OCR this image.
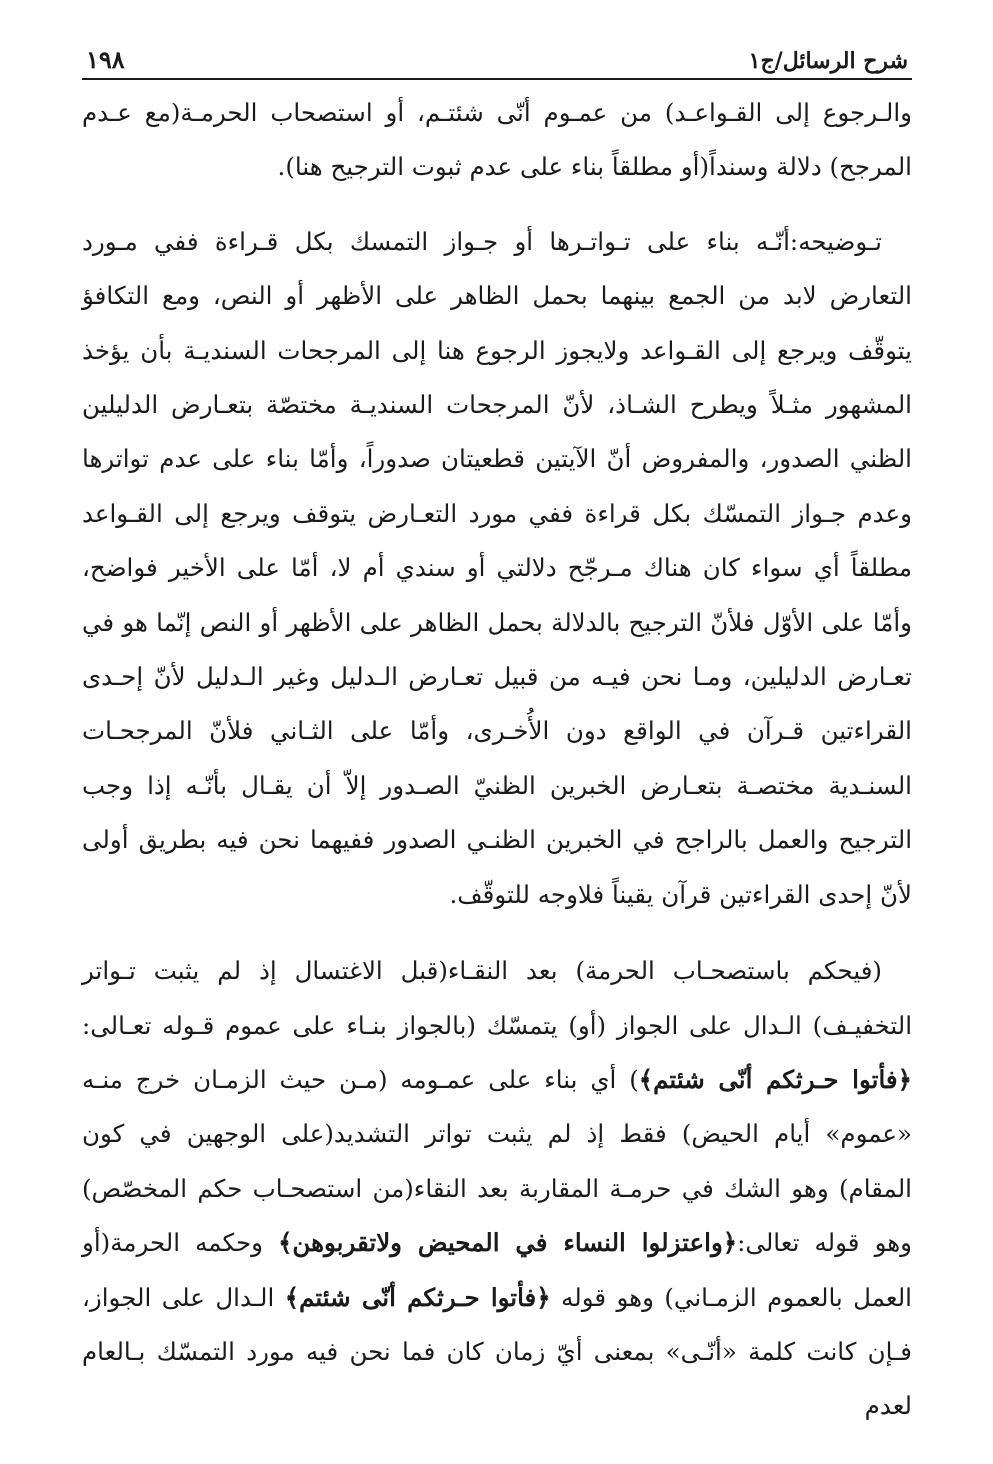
شرح الرسائل/ج١
١٩٨

والـرجوع إلى القـواعـد) من عمـوم أنّى شئتـم، أو استصحاب الحرمـة(مع عـدم المرجح) دلالة وسنداً(أو مطلقاً بناء على عدم ثبوت الترجيح هنا).

تـوضيحه:أنّـه بناء على تـواتـرها أو جـواز التمسك بكل قـراءة ففي مـورد التعارض لابد من الجمع بينهما بحمل الظاهر على الأظهر أو النص، ومع التكافؤ يتوقّف ويرجع إلى القـواعد ولايجوز الرجوع هنا إلى المرجحات السنديـة بأن يؤخذ المشهور مثـلاً ويطرح الشـاذ، لأنّ المرجحات السنديـة مختصّة بتعـارض الدليلين الظني الصدور، والمفروض أنّ الآيتين قطعيتان صدوراً، وأمّا بناء على عدم تواترها وعدم جـواز التمسّك بكل قراءة ففي مورد التعـارض يتوقف ويرجع إلى القـواعد مطلقاً أي سواء كان هناك مـرجّح دلالتي أو سندي أم لا، أمّا على الأخير فواضح، وأمّا على الأوّل فلأنّ الترجيح بالدلالة بحمل الظاهر على الأظهر أو النص إنّما هو في تعـارض الدليلين، ومـا نحن فيـه من قبيل تعـارض الـدليل وغير الـدليل لأنّ إحـدى القراءتين قـرآن في الواقع دون الأُخـرى، وأمّا على الثـاني فلأنّ المرجحـات السنـدية مختصـة بتعـارض الخبرين الظنيّ الصـدور إلاّ أن يقـال بأنّـه إذا وجب الترجيح والعمل بالراجح في الخبرين الظنـي الصدور ففيهما نحن فيه بطريق أولى لأنّ إحدى القراءتين قرآن يقيناً فلاوجه للتوقّف.

(فيحكم باستصحـاب الحرمة) بعد النقـاء(قبل الاغتسال إذ لم يثبت تـواتر التخفيـف) الـدال على الجواز (أو) يتمسّك (بالجواز بنـاء على عموم قـوله تعـالى: ﴿فأتوا حـرثكم أنّى شئتم﴾) أي بناء على عمـومه (مـن حيث الزمـان خرج منـه «عموم» أيام الحيض) فقط إذ لم يثبت تواتر التشديد(على الوجهين في كون المقام) وهو الشك في حرمـة المقاربة بعد النقاء(من استصحـاب حكم المخصّص) وهو قوله تعالى:﴿واعتزلوا النساء في المحيض ولاتقربوهن﴾ وحكمه الحرمة(أو العمل بالعموم الزمـاني) وهو قوله ﴿فأتوا حـرثكم أنّى شئتم﴾ الـدال على الجواز، فـإن كانت كلمة «أنّـى» بمعنى أيّ زمان كان فما نحن فيه مورد التمسّك بـالعام لعدم
